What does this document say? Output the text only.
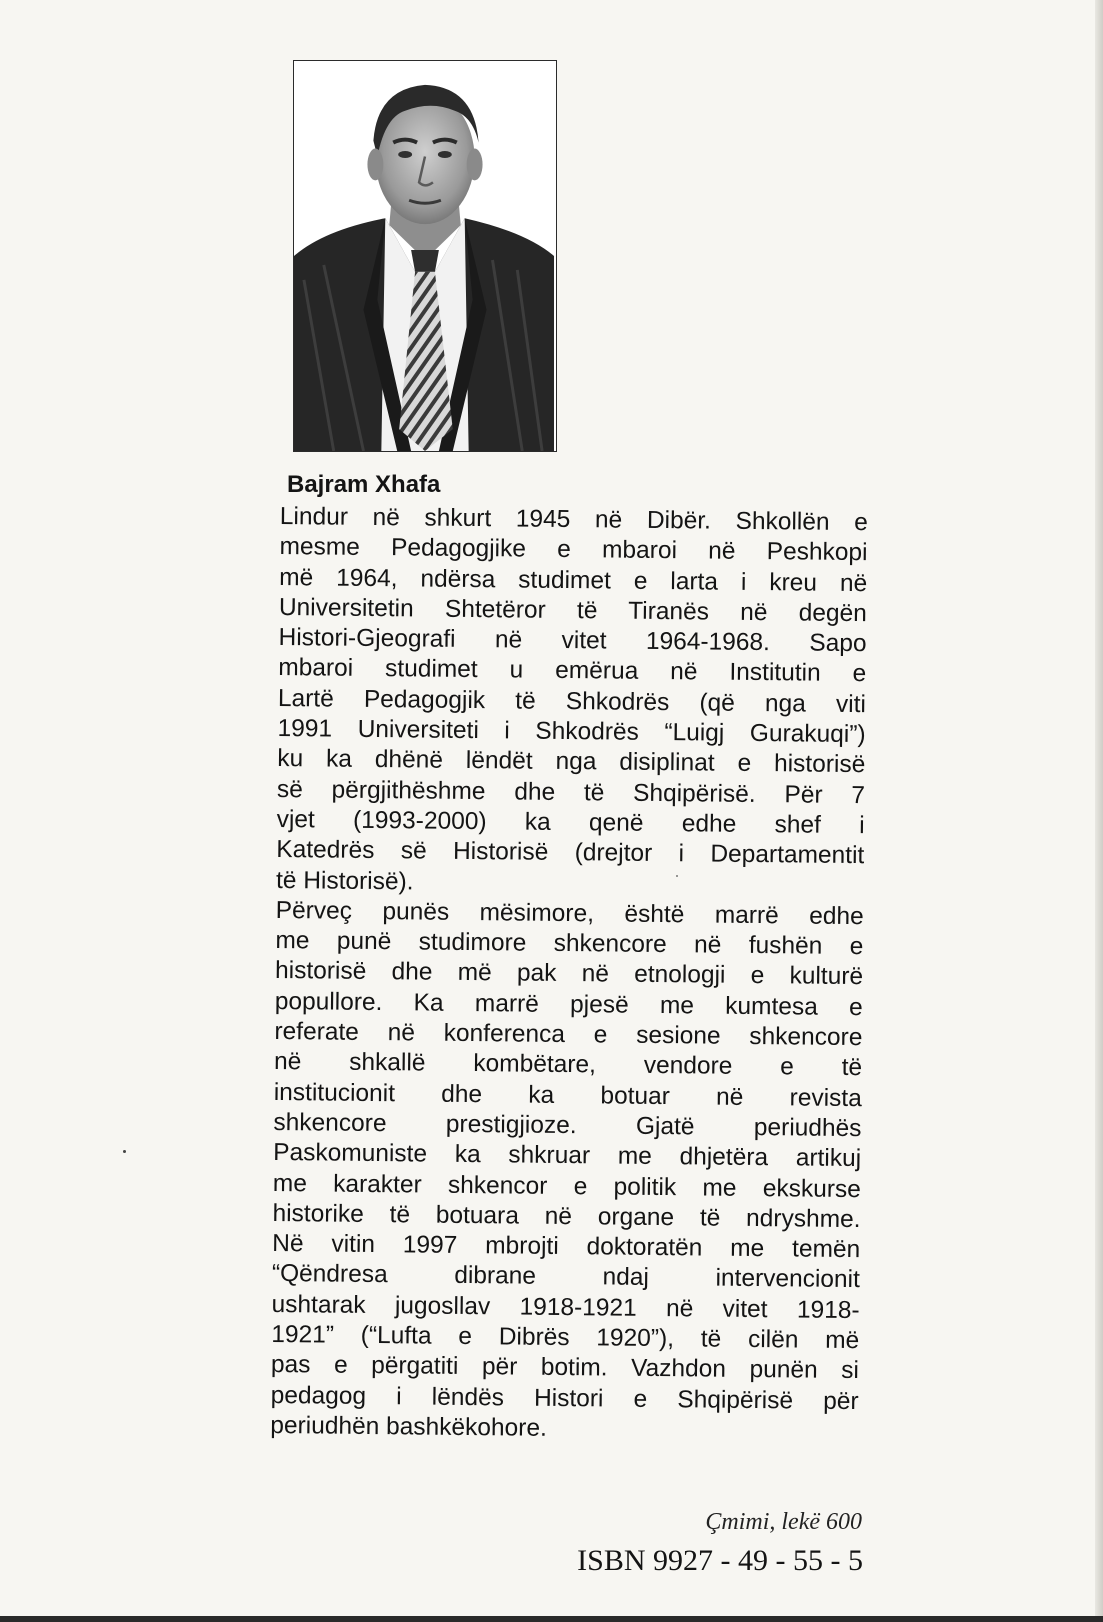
Bajram Xhafa
Lindur në shkurt 1945 në Dibër. Shkollën e
mesme Pedagogjike e mbaroi në Peshkopi
më 1964, ndërsa studimet e larta i kreu në
Universitetin Shtetëror të Tiranës në degën
Histori-Gjeografi në vitet 1964-1968. Sapo
mbaroi studimet u emërua në Institutin e
Lartë Pedagogjik të Shkodrës (që nga viti
1991 Universiteti i Shkodrës “Luigj Gurakuqi”)
ku ka dhënë lëndët nga disiplinat e historisë
së përgjithëshme dhe të Shqipërisë. Për 7
vjet (1993-2000) ka qenë edhe shef i
Katedrës së Historisë (drejtor i Departamentit
të Historisë).
Përveç punës mësimore, është marrë edhe
me punë studimore shkencore në fushën e
historisë dhe më pak në etnologji e kulturë
popullore. Ka marrë pjesë me kumtesa e
referate në konferenca e sesione shkencore
në shkallë kombëtare, vendore e të
institucionit dhe ka botuar në revista
shkencore prestigjioze. Gjatë periudhës
Paskomuniste ka shkruar me dhjetëra artikuj
me karakter shkencor e politik me ekskurse
historike të botuara në organe të ndryshme.
Në vitin 1997 mbrojti doktoratën me temën
“Qëndresa dibrane ndaj intervencionit
ushtarak jugosllav 1918-1921 në vitet 1918-
1921” (“Lufta e Dibrës 1920”), të cilën më
pas e përgatiti për botim. Vazhdon punën si
pedagog i lëndës Histori e Shqipërisë për
periudhën bashkëkohore.
Çmimi, lekë 600
ISBN 9927 - 49 - 55 - 5
